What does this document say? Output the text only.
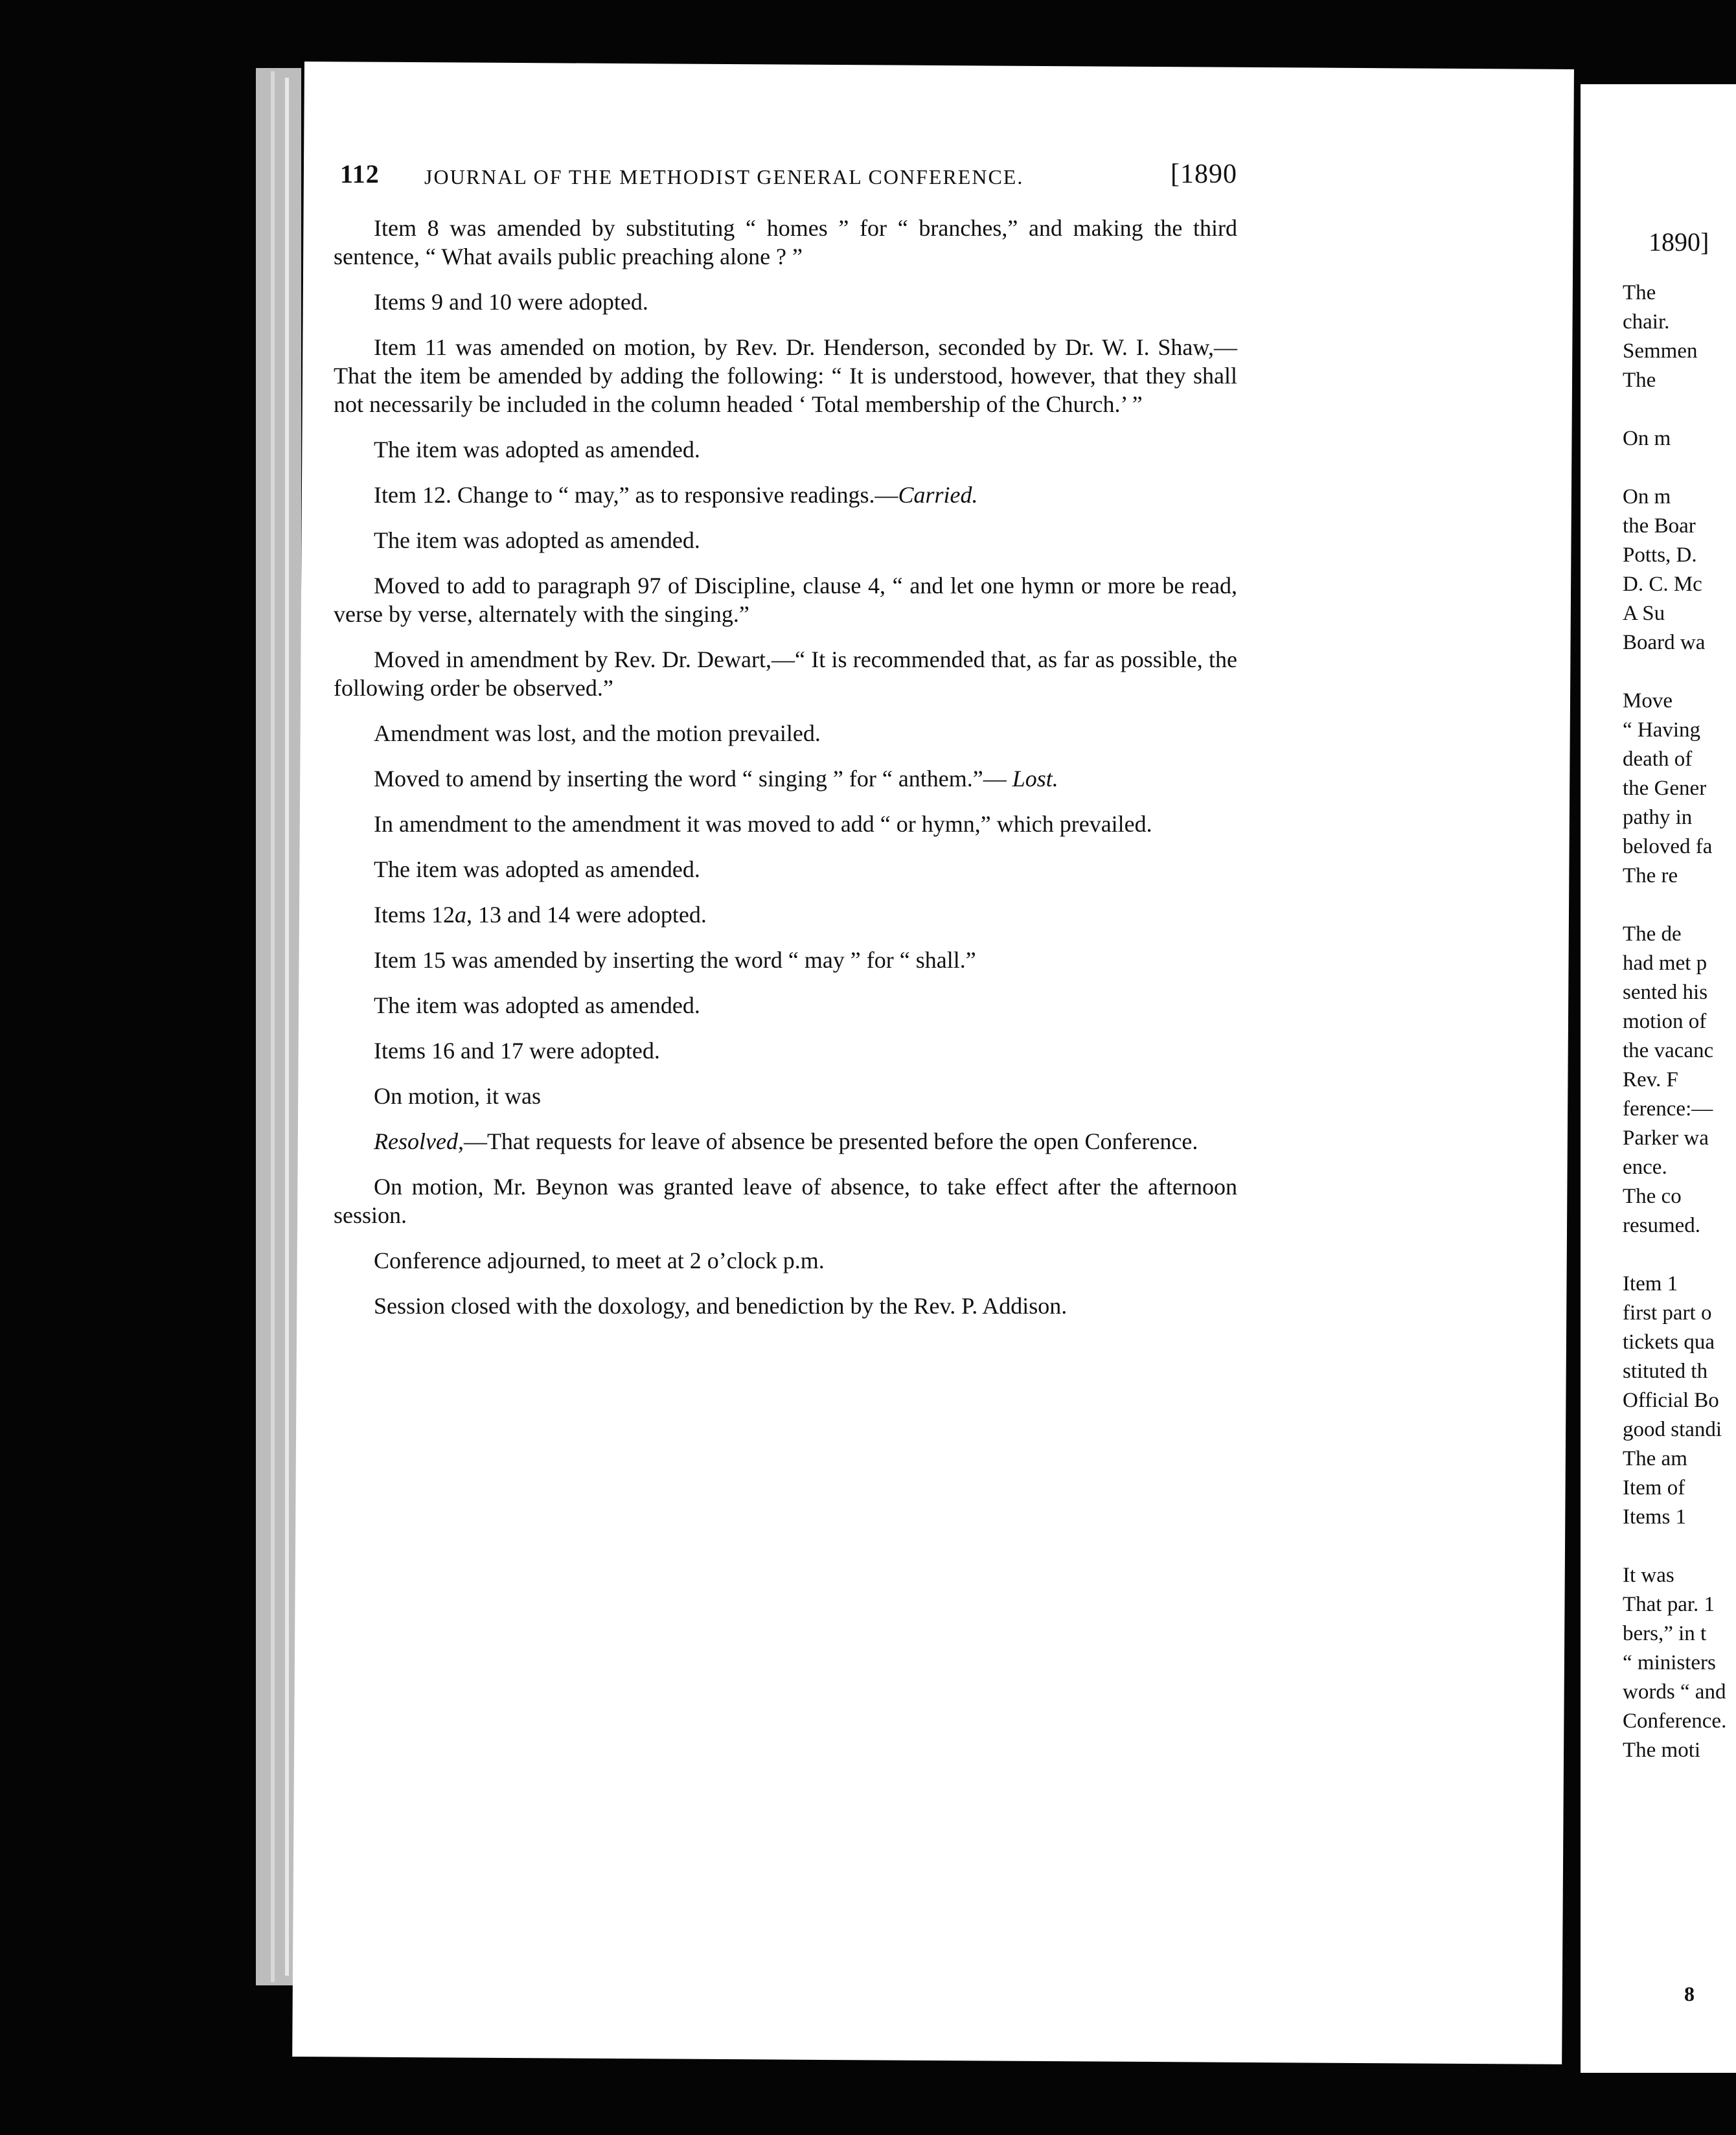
112 JOURNAL OF THE METHODIST GENERAL CONFERENCE.	[1890

Item 8 was amended by substituting “ homes ” for “ branches,” and making the third sentence, “ What avails public preaching alone ? ”

Items 9 and 10 were adopted.

Item 11 was amended on motion, by Rev. Dr. Henderson, seconded by Dr. W. I. Shaw,—That the item be amended by adding the following: “ It is understood, however, that they shall not necessarily be included in the column headed ‘ Total membership of the Church.’ ”

The item was adopted as amended.

Item 12. Change to “ may,” as to responsive readings.—Carried.

The item was adopted as amended.

Moved to add to paragraph 97 of Discipline, clause 4, “ and let one hymn or more be read, verse by verse, alternately with the singing.”

Moved in amendment by Rev. Dr. Dewart,—“ It is recommended that, as far as possible, the following order be observed.”

Amendment was lost, and the motion prevailed.

Moved to amend by inserting the word “ singing ” for “ anthem.”— Lost.

In amendment to the amendment it was moved to add “ or hymn,” which prevailed.

The item was adopted as amended.

Items 12a, 13 and 14 were adopted.

Item 15 was amended by inserting the word “ may ” for “ shall.”

The item was adopted as amended.

Items 16 and 17 were adopted.

On motion, it was

Resolved,—That requests for leave of absence be presented before the open Conference.

On motion, Mr. Beynon was granted leave of absence, to take effect after the afternoon session.

Conference adjourned, to meet at 2 o’clock p.m.

Session closed with the doxology, and benediction by the Rev. P. Addison.

1890]

The
chair.
Semmen
The

On m

On m
the Boar
Potts, D.
D. C. Mc
A Su
Board wa

Move
“ Having
death of
the Gener
pathy in
beloved fa
The re

The de
had met p
sented his
motion of
the vacanc
Rev. F
ference:—
Parker wa
ence.
The co
resumed.

Item 1
first part o
tickets qua
stituted th
Official Bo
good standi
The am
Item of
Items 1

It was
That par. 1
bers,” in t
“ ministers
words “ and
Conference.
The moti
8
